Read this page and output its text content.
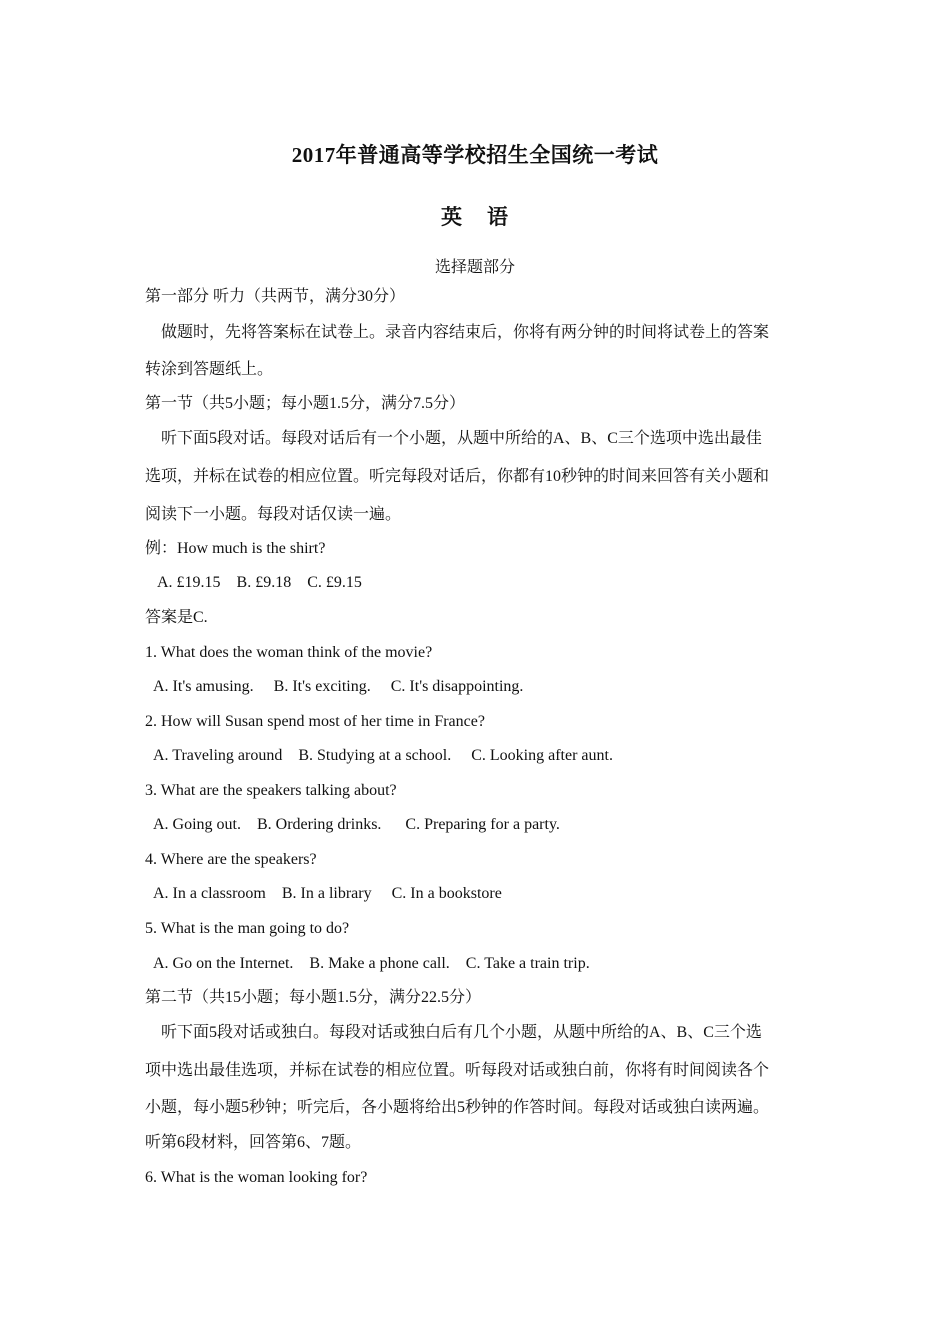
2017年普通高等学校招生全国统一考试
英 语
选择题部分
第一部分 听力（共两节，满分30分）
做题时，先将答案标在试卷上。录音内容结束后，你将有两分钟的时间将试卷上的答案
转涂到答题纸上。
第一节（共5小题；每小题1.5分，满分7.5分）
听下面5段对话。每段对话后有一个小题，从题中所给的A、B、C三个选项中选出最佳
选项，并标在试卷的相应位置。听完每段对话后，你都有10秒钟的时间来回答有关小题和
阅读下一小题。每段对话仅读一遍。
例：How much is the shirt?
A. £19.15    B. £9.18    C. £9.15
答案是C.
1. What does the woman think of the movie?
A. It's amusing.     B. It's exciting.     C. It's disappointing.
2. How will Susan spend most of her time in France?
A. Traveling around    B. Studying at a school.     C. Looking after aunt.
3. What are the speakers talking about?
A. Going out.    B. Ordering drinks.      C. Preparing for a party.
4. Where are the speakers?
A. In a classroom    B. In a library     C. In a bookstore
5. What is the man going to do?
A. Go on the Internet.    B. Make a phone call.    C. Take a train trip.
第二节（共15小题；每小题1.5分，满分22.5分）
听下面5段对话或独白。每段对话或独白后有几个小题，从题中所给的A、B、C三个选
项中选出最佳选项，并标在试卷的相应位置。听每段对话或独白前，你将有时间阅读各个
小题，每小题5秒钟；听完后，各小题将给出5秒钟的作答时间。每段对话或独白读两遍。
听第6段材料，回答第6、7题。
6. What is the woman looking for?
